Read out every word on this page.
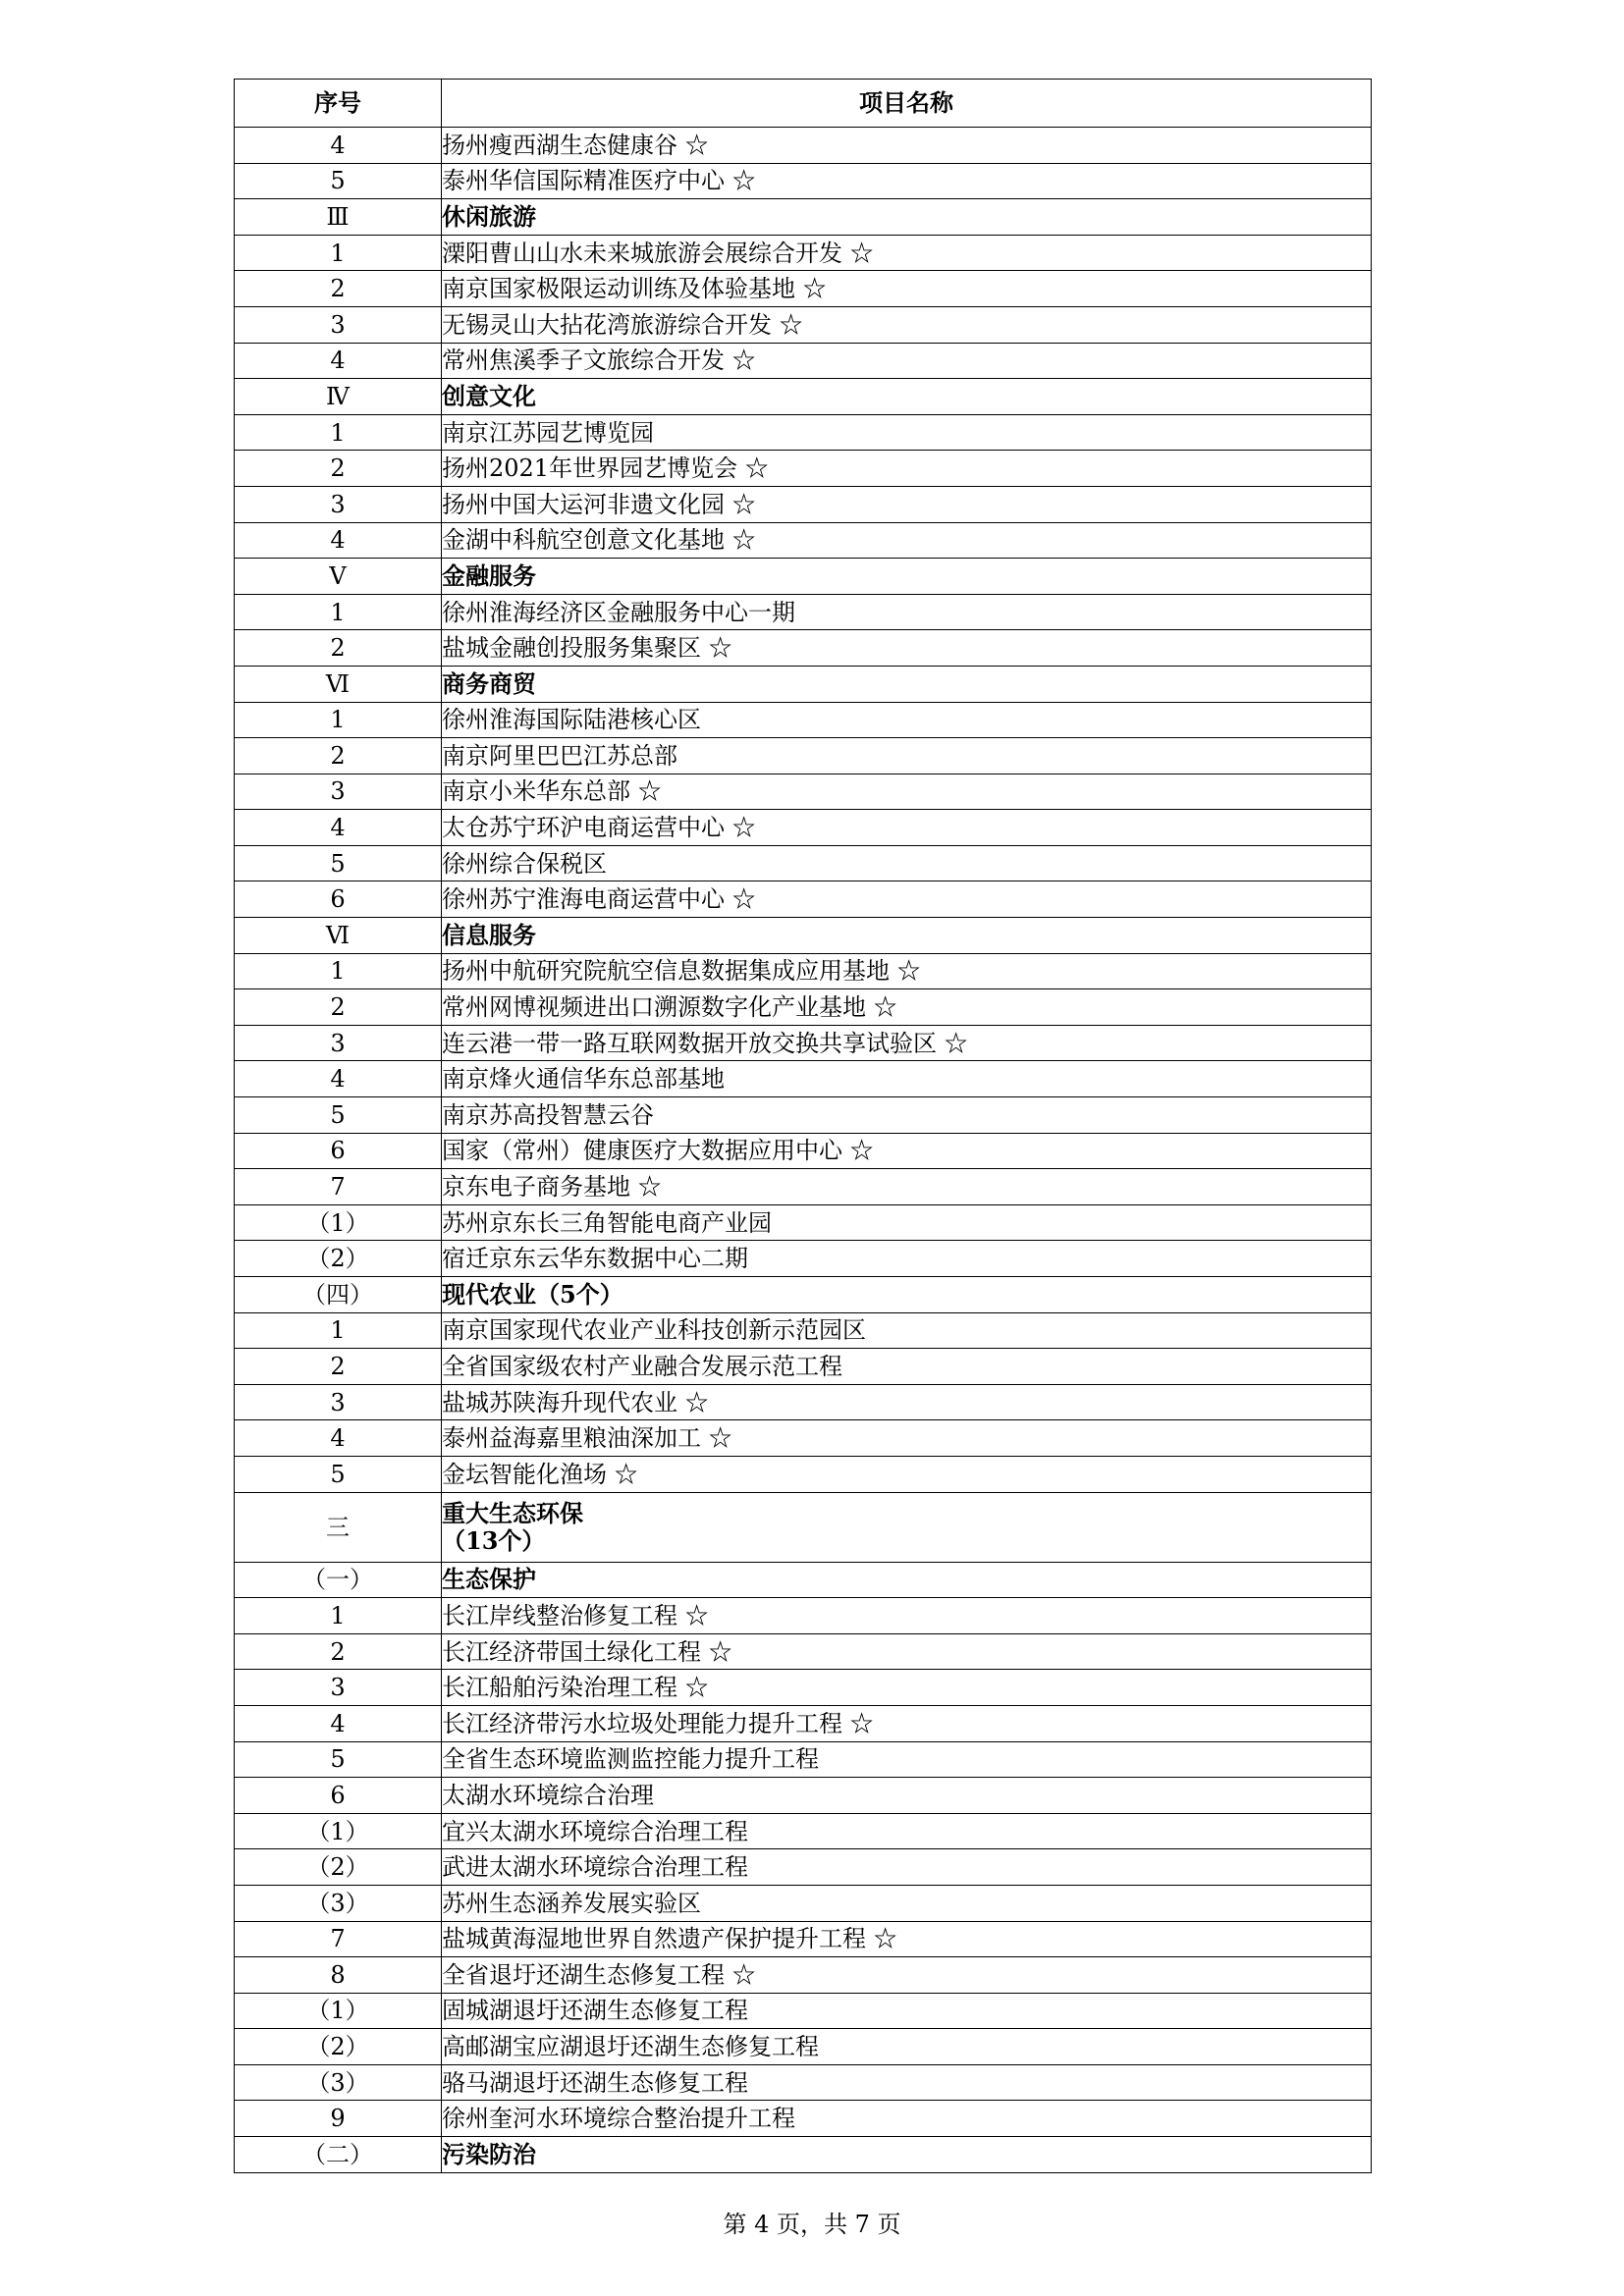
序号	项目名称
4	扬州瘦西湖生态健康谷 ☆
5	泰州华信国际精准医疗中心 ☆
Ⅲ	休闲旅游
1	溧阳曹山山水未来城旅游会展综合开发 ☆
2	南京国家极限运动训练及体验基地 ☆
3	无锡灵山大拈花湾旅游综合开发 ☆
4	常州焦溪季子文旅综合开发 ☆
Ⅳ	创意文化
1	南京江苏园艺博览园
2	扬州2021年世界园艺博览会 ☆
3	扬州中国大运河非遗文化园 ☆
4	金湖中科航空创意文化基地 ☆
Ⅴ	金融服务
1	徐州淮海经济区金融服务中心一期
2	盐城金融创投服务集聚区 ☆
Ⅵ	商务商贸
1	徐州淮海国际陆港核心区
2	南京阿里巴巴江苏总部
3	南京小米华东总部 ☆
4	太仓苏宁环沪电商运营中心 ☆
5	徐州综合保税区
6	徐州苏宁淮海电商运营中心 ☆
Ⅵ	信息服务
1	扬州中航研究院航空信息数据集成应用基地 ☆
2	常州网博视频进出口溯源数字化产业基地 ☆
3	连云港一带一路互联网数据开放交换共享试验区 ☆
4	南京烽火通信华东总部基地
5	南京苏高投智慧云谷
6	国家（常州）健康医疗大数据应用中心 ☆
7	京东电子商务基地 ☆
（1）	苏州京东长三角智能电商产业园
（2）	宿迁京东云华东数据中心二期
（四）	现代农业（5个）
1	南京国家现代农业产业科技创新示范园区
2	全省国家级农村产业融合发展示范工程
3	盐城苏陕海升现代农业 ☆
4	泰州益海嘉里粮油深加工 ☆
5	金坛智能化渔场 ☆
三	重大生态环保
（13个）

（一）	生态保护
1	长江岸线整治修复工程 ☆
2	长江经济带国土绿化工程 ☆
3	长江船舶污染治理工程 ☆
4	长江经济带污水垃圾处理能力提升工程 ☆
5	全省生态环境监测监控能力提升工程
6	太湖水环境综合治理
（1）	宜兴太湖水环境综合治理工程
（2）	武进太湖水环境综合治理工程
（3）	苏州生态涵养发展实验区
7	盐城黄海湿地世界自然遗产保护提升工程 ☆
8	全省退圩还湖生态修复工程 ☆
（1）	固城湖退圩还湖生态修复工程
（2）	高邮湖宝应湖退圩还湖生态修复工程
（3）	骆马湖退圩还湖生态修复工程
9	徐州奎河水环境综合整治提升工程
（二）	污染防治
第 4 页，共 7 页
